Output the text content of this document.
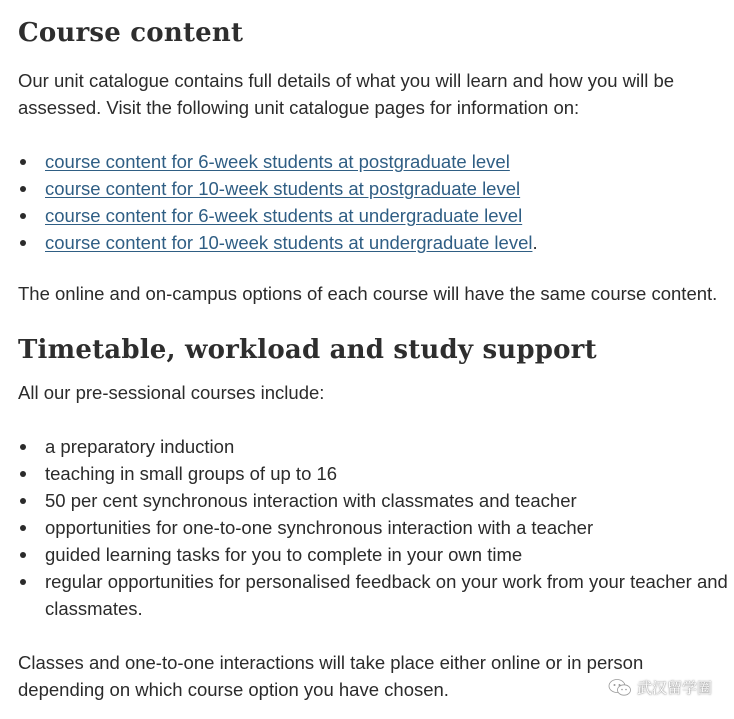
Course content

Our unit catalogue contains full details of what you will learn and how you will be assessed. Visit the following unit catalogue pages for information on:

course content for 6-week students at postgraduate level
course content for 10-week students at postgraduate level
course content for 6-week students at undergraduate level
course content for 10-week students at undergraduate level.

The online and on-campus options of each course will have the same course content.

Timetable, workload and study support

All our pre-sessional courses include:

a preparatory induction
teaching in small groups of up to 16
50 per cent synchronous interaction with classmates and teacher
opportunities for one-to-one synchronous interaction with a teacher
guided learning tasks for you to complete in your own time
regular opportunities for personalised feedback on your work from your teacher and classmates.

Classes and one-to-one interactions will take place either online or in person depending on which course option you have chosen.	武汉留学圈
